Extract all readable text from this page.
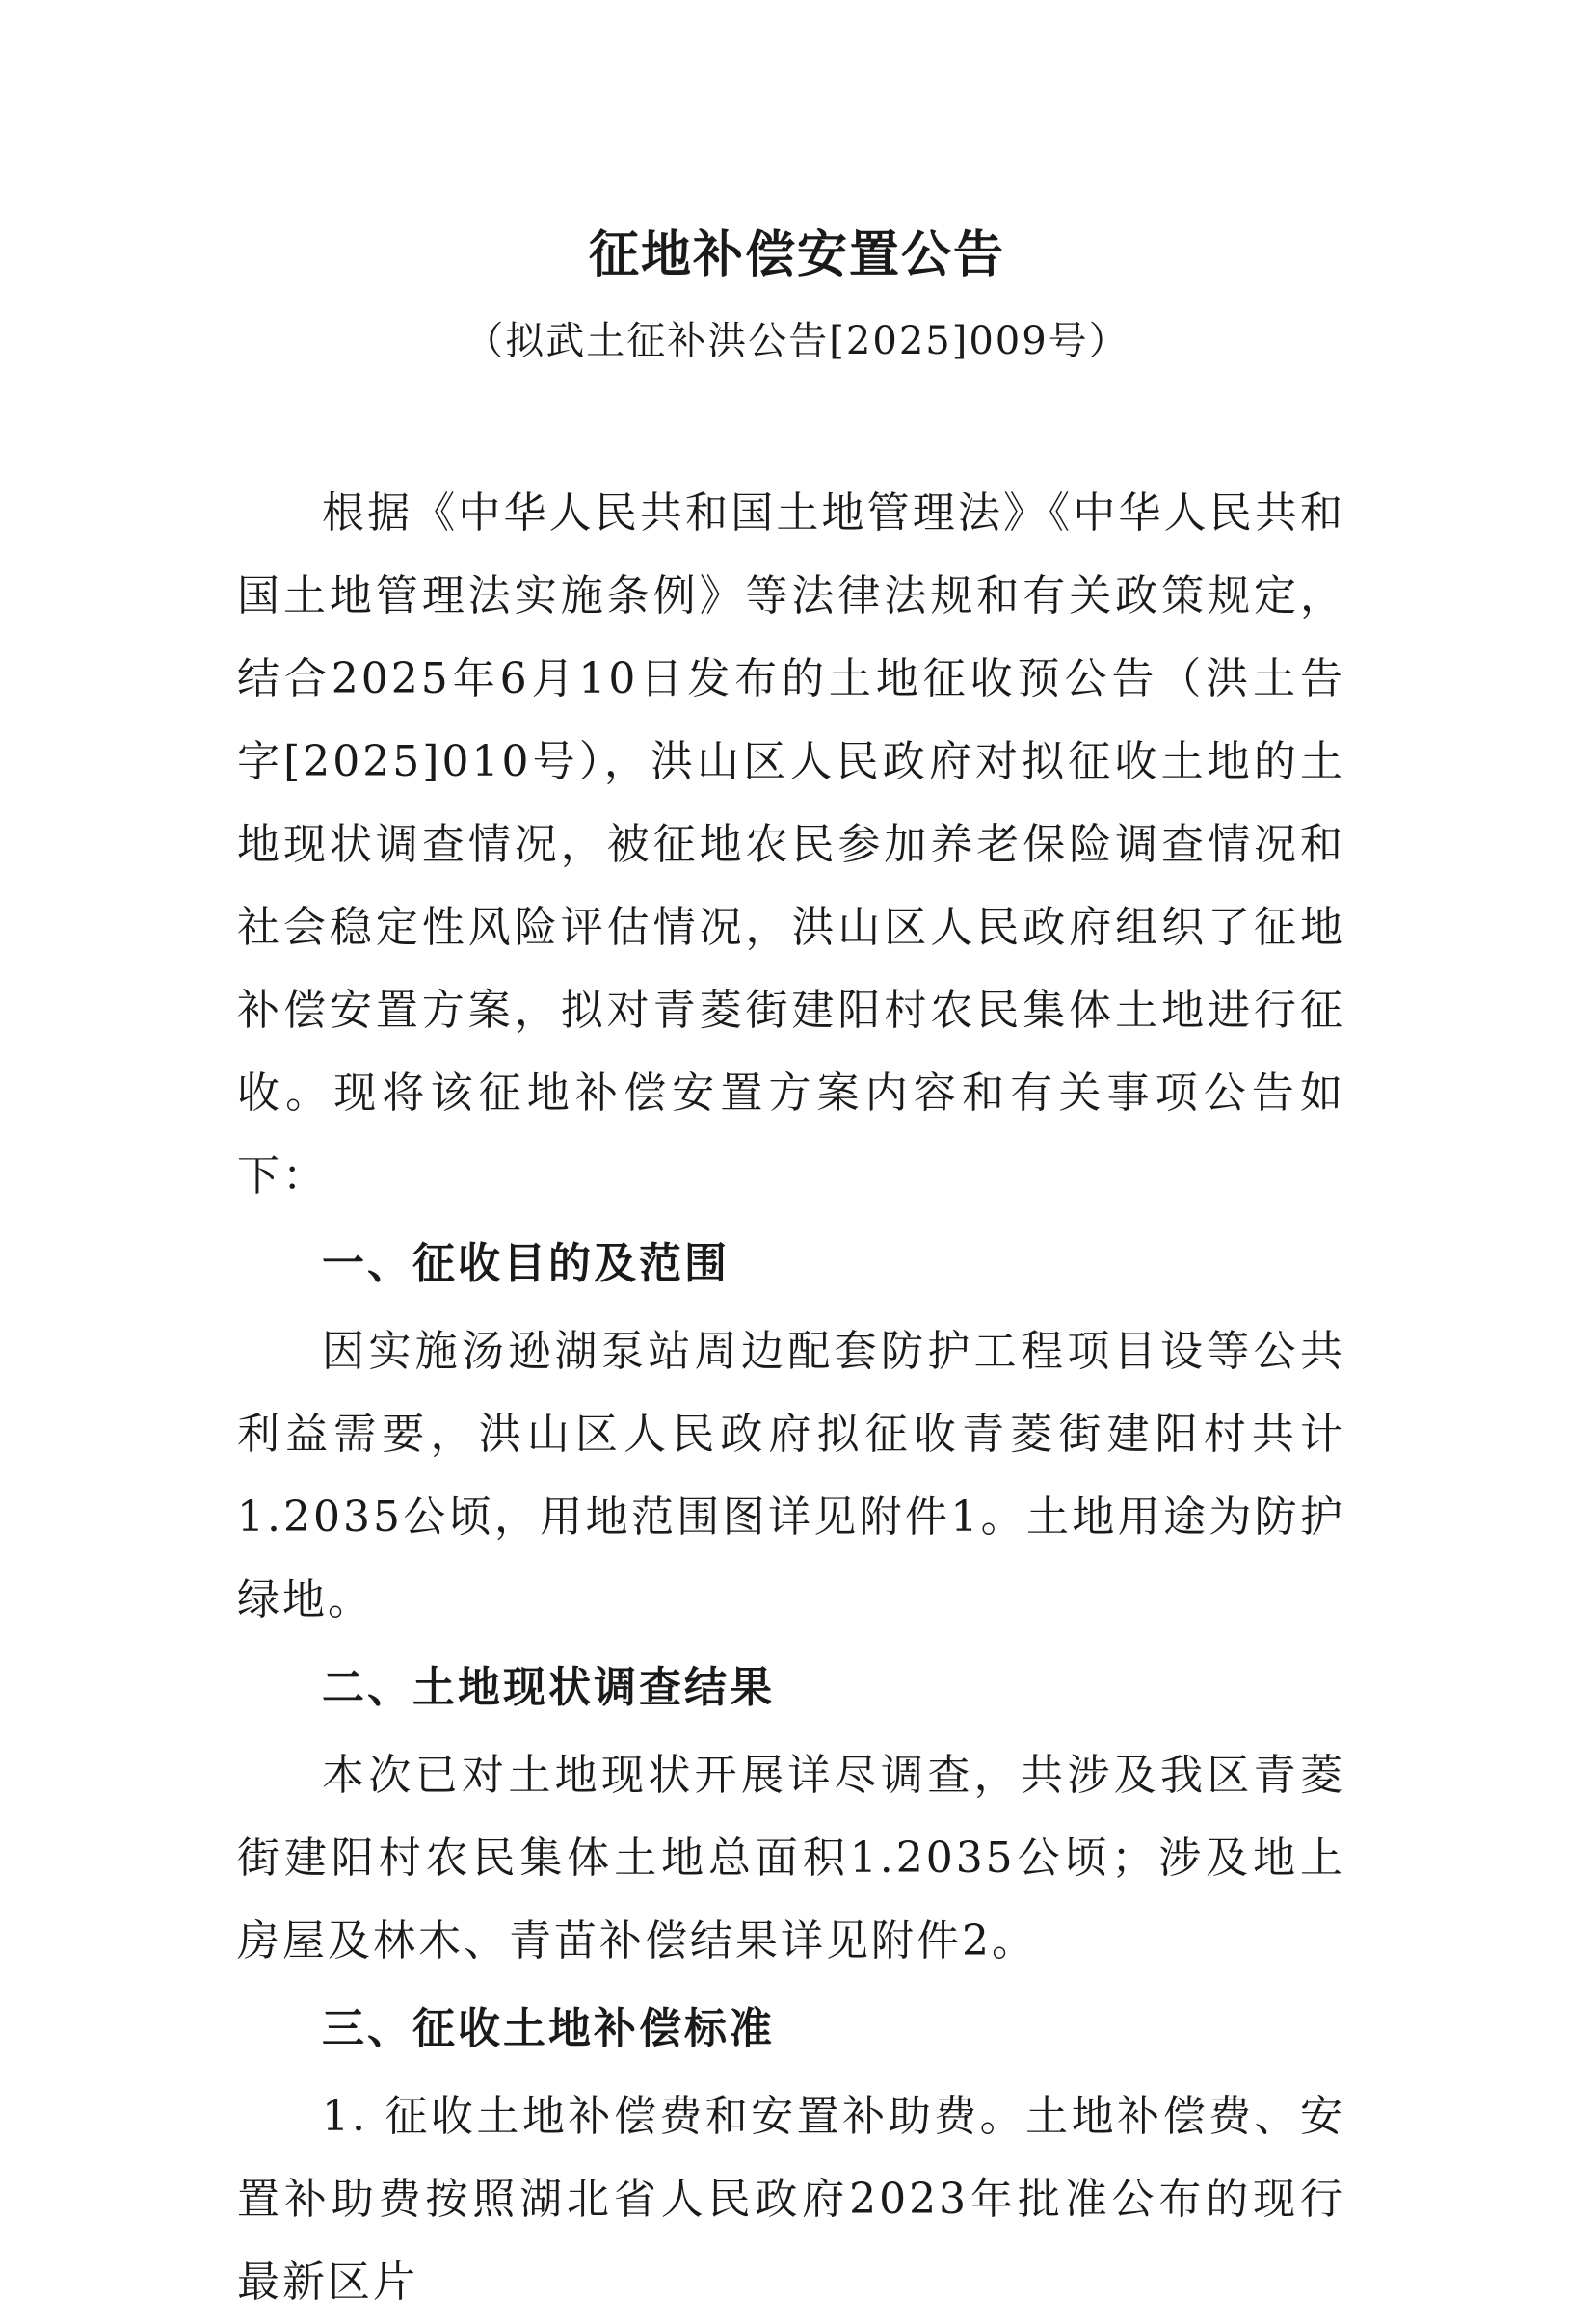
征地补偿安置公告
（拟武土征补洪公告[2025]009号）

根据《中华人民共和国土地管理法》《中华人民共和国土地管理法实施条例》等法律法规和有关政策规定，结合2025年6月10日发布的土地征收预公告（洪土告字[2025]010号），洪山区人民政府对拟征收土地的土地现状调查情况，被征地农民参加养老保险调查情况和社会稳定性风险评估情况，洪山区人民政府组织了征地补偿安置方案，拟对青菱街建阳村农民集体土地进行征收。现将该征地补偿安置方案内容和有关事项公告如下：

一、征收目的及范围

因实施汤逊湖泵站周边配套防护工程项目设等公共利益需要，洪山区人民政府拟征收青菱街建阳村共计1.2035公顷，用地范围图详见附件1。土地用途为防护绿地。

二、土地现状调查结果

本次已对土地现状开展详尽调查，共涉及我区青菱街建阳村农民集体土地总面积1.2035公顷；涉及地上房屋及林木、青苗补偿结果详见附件2。

三、征收土地补偿标准

1. 征收土地补偿费和安置补助费。土地补偿费、安置补助费按照湖北省人民政府2023年批准公布的现行最新区片
